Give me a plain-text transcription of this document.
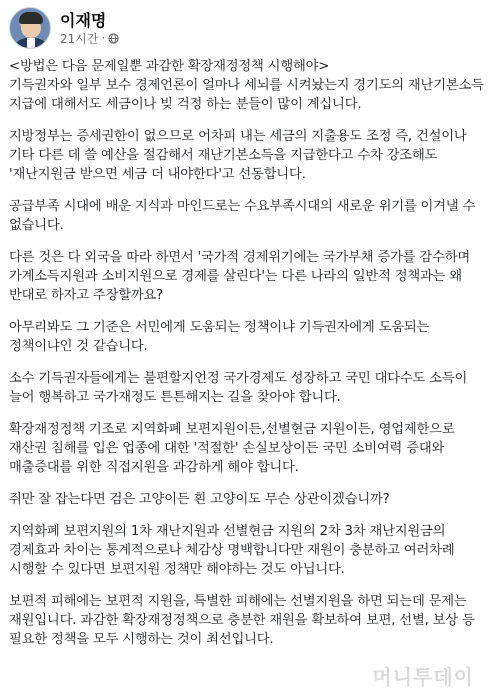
이재명
21시간 ·

<방법은 다음 문제일뿐 과감한 확장재정정책 시행해야>
기득권자와 일부 보수 경제언론이 얼마나 세뇌를 시켜놨는지 경기도의 재난기본소득 지급에 대해서도 세금이나 빚 걱정 하는 분들이 많이 계십니다.

지방정부는 증세권한이 없으므로 어차피 내는 세금의 지출용도 조정 즉, 건설이나 기타 다른 데 쓸 예산을 절감해서 재난기본소득을 지급한다고 수차 강조해도 '재난지원금 받으면 세금 더 내야한다'고 선동합니다.

공급부족 시대에 배운 지식과 마인드로는 수요부족시대의 새로운 위기를 이겨낼 수 없습니다.

다른 것은 다 외국을 따라 하면서 '국가적 경제위기에는 국가부채 증가를 감수하며 가계소득지원과 소비지원으로 경제를 살린다'는 다른 나라의 일반적 정책과는 왜 반대로 하자고 주장할까요?

아무리봐도 그 기준은 서민에게 도움되는 정책이냐 기득권자에게 도움되는 정책이냐인 것 같습니다.

소수 기득권자들에게는 불편할지언정 국가경제도 성장하고 국민 대다수도 소득이 늘어 행복하고 국가재정도 튼튼해지는 길을 찾아야 합니다.

확장재정정책 기조로 지역화폐 보편지원이든,선별현금 지원이든, 영업제한으로 재산권 침해를 입은 업종에 대한 '적절한' 손실보상이든 국민 소비여력 증대와 매출증대를 위한 직접지원을 과감하게 해야 합니다.

쥐만 잘 잡는다면 검은 고양이든 흰 고양이도 무슨 상관이겠습니까?

지역화폐 보편지원의 1차 재난지원과 선별현금 지원의 2차 3차 재난지원금의 경제효과 차이는 통계적으로나 체감상 명백합니다만 재원이 충분하고 여러차례 시행할 수 있다면 보편지원 정책만 해야하는 것도 아닙니다.

보편적 피해에는 보편적 지원을, 특별한 피해에는 선별지원을 하면 되는데 문제는 재원입니다. 과감한 확장재정정책으로 충분한 재원을 확보하여 보편, 선별, 보상 등 필요한 정책을 모두 시행하는 것이 최선입니다.

머니투데이
